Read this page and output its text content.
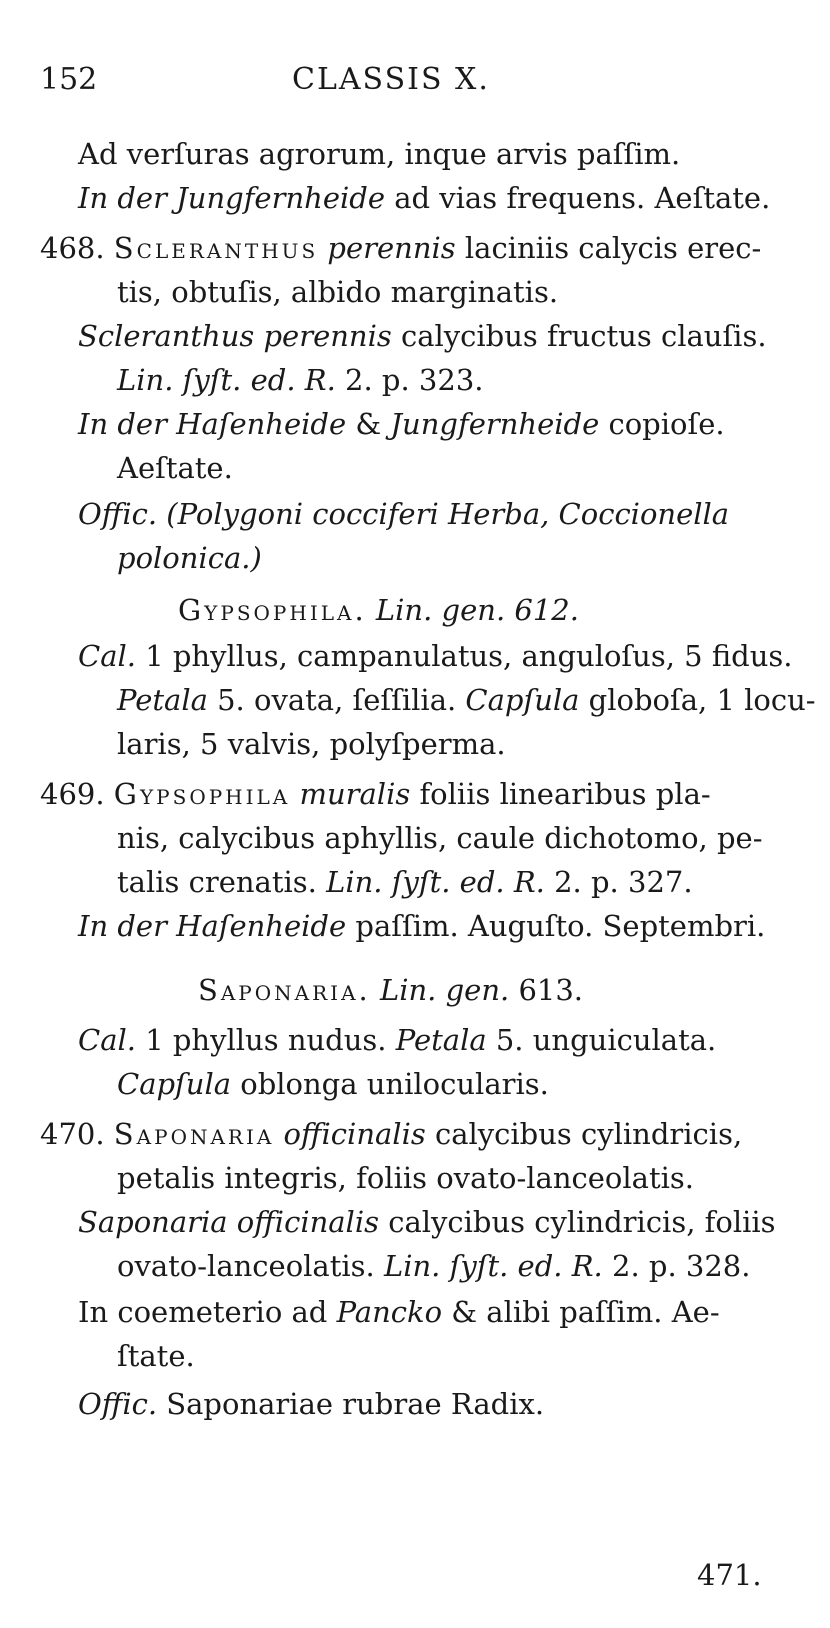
152	CLASSIS X.
Ad verſuras agrorum, inque arvis paſſim.
In der Jungfernheide ad vias frequens. Aeſtate.
468. Scleranthus perennis laciniis calycis erec-
tis, obtuſis, albido marginatis.
Scleranthus perennis calycibus fructus clauſis.
Lin. ſyſt. ed. R. 2. p. 323.
In der Haſenheide & Jungfernheide copioſe.
Aeſtate.
Offic. (Polygoni cocciferi Herba, Coccionella
polonica.)
Gypsophila. Lin. gen. 612.
Cal. 1 phyllus, campanulatus, anguloſus, 5 fidus.
Petala 5. ovata, ſeſſilia. Capſula globoſa, 1 locu-
laris, 5 valvis, polyſperma.
469. Gypsophila muralis foliis linearibus pla-
nis, calycibus aphyllis, caule dichotomo, pe-
talis crenatis. Lin. ſyſt. ed. R. 2. p. 327.
In der Haſenheide paſſim. Auguſto. Septembri.
Saponaria. Lin. gen. 613.
Cal. 1 phyllus nudus. Petala 5. unguiculata.
Capſula oblonga unilocularis.
470. Saponaria officinalis calycibus cylindricis,
petalis integris, foliis ovato-lanceolatis.
Saponaria officinalis calycibus cylindricis, foliis
ovato-lanceolatis. Lin. ſyſt. ed. R. 2. p. 328.
In coemeterio ad Pancko & alibi paſſim. Ae-
ſtate.
Offic. Saponariae rubrae Radix.
471.
